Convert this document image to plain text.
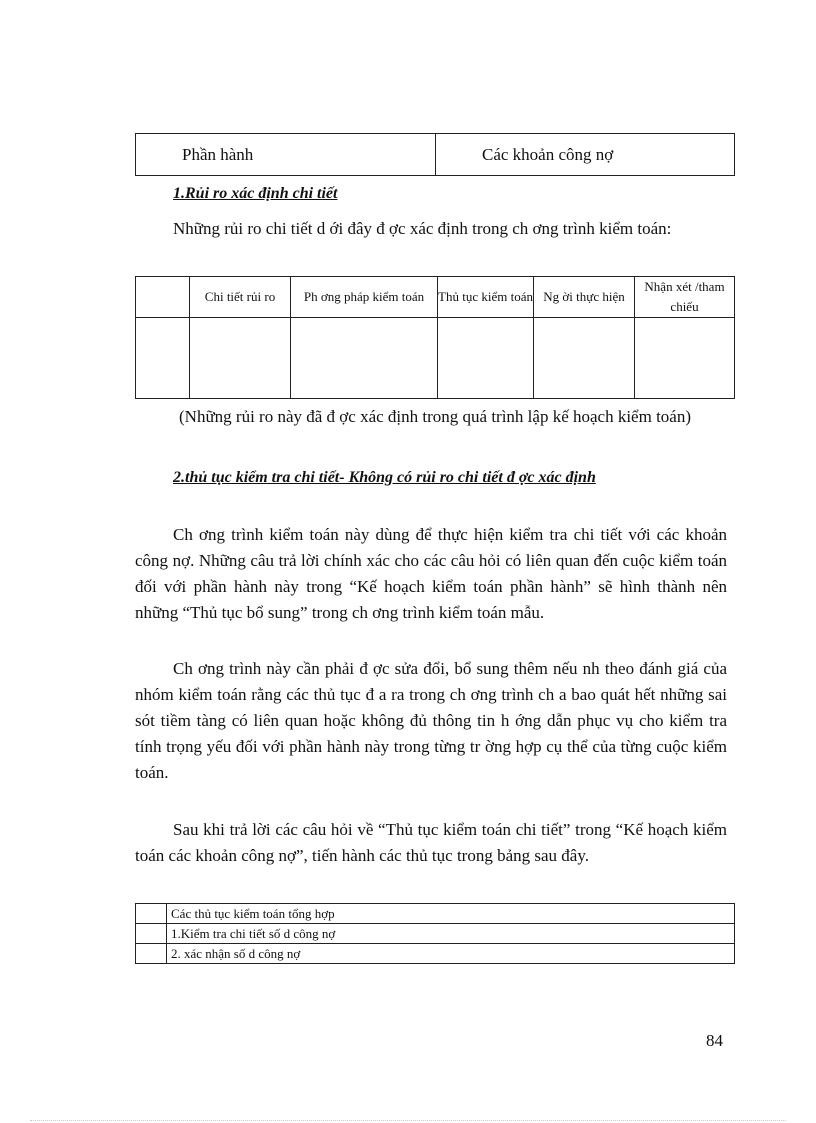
Phần hành	Các khoản công nợ
1.Rủi ro xác định chi tiết
Những rủi ro chi tiết d ới đây đ ợc xác định trong ch ơng trình kiểm toán:
	Chi tiết rủi ro	Ph ơng pháp kiểm toán	Thủ tục kiểm toán	Ng ời thực hiện	Nhận xét /tham chiếu

(Những rủi ro này đã đ ợc xác định trong quá trình lập kế hoạch kiểm toán)
2.thủ tục kiểm tra chi tiết- Không có rủi ro chi tiết đ ợc xác định
Ch ơng trình kiểm toán này dùng để thực hiện kiểm tra chi tiết với các khoản công nợ. Những câu trả lời chính xác cho các câu hỏi có liên quan đến cuộc kiểm toán đối với phần hành này trong “Kế hoạch kiểm toán phần hành” sẽ hình thành nên những “Thủ tục bổ sung” trong ch ơng trình kiểm toán mẫu.
Ch ơng trình này cần phải đ ợc sửa đổi, bổ sung thêm nếu nh theo đánh giá của nhóm kiểm toán rằng các thủ tục đ a ra trong ch ơng trình ch a bao quát hết những sai sót tiềm tàng có liên quan hoặc không đủ thông tin h ớng dẫn phục vụ cho kiểm tra tính trọng yếu đối với phần hành này trong từng tr ờng hợp cụ thể của từng cuộc kiểm toán.
Sau khi trả lời các câu hỏi về “Thủ tục kiểm toán chi tiết” trong “Kế hoạch kiểm toán các khoản công nợ”, tiến hành các thủ tục trong bảng sau đây.
	Các thủ tục kiểm toán tổng hợp
	1.Kiểm tra chi tiết số d công nợ
	2. xác nhận số d công nợ
84
